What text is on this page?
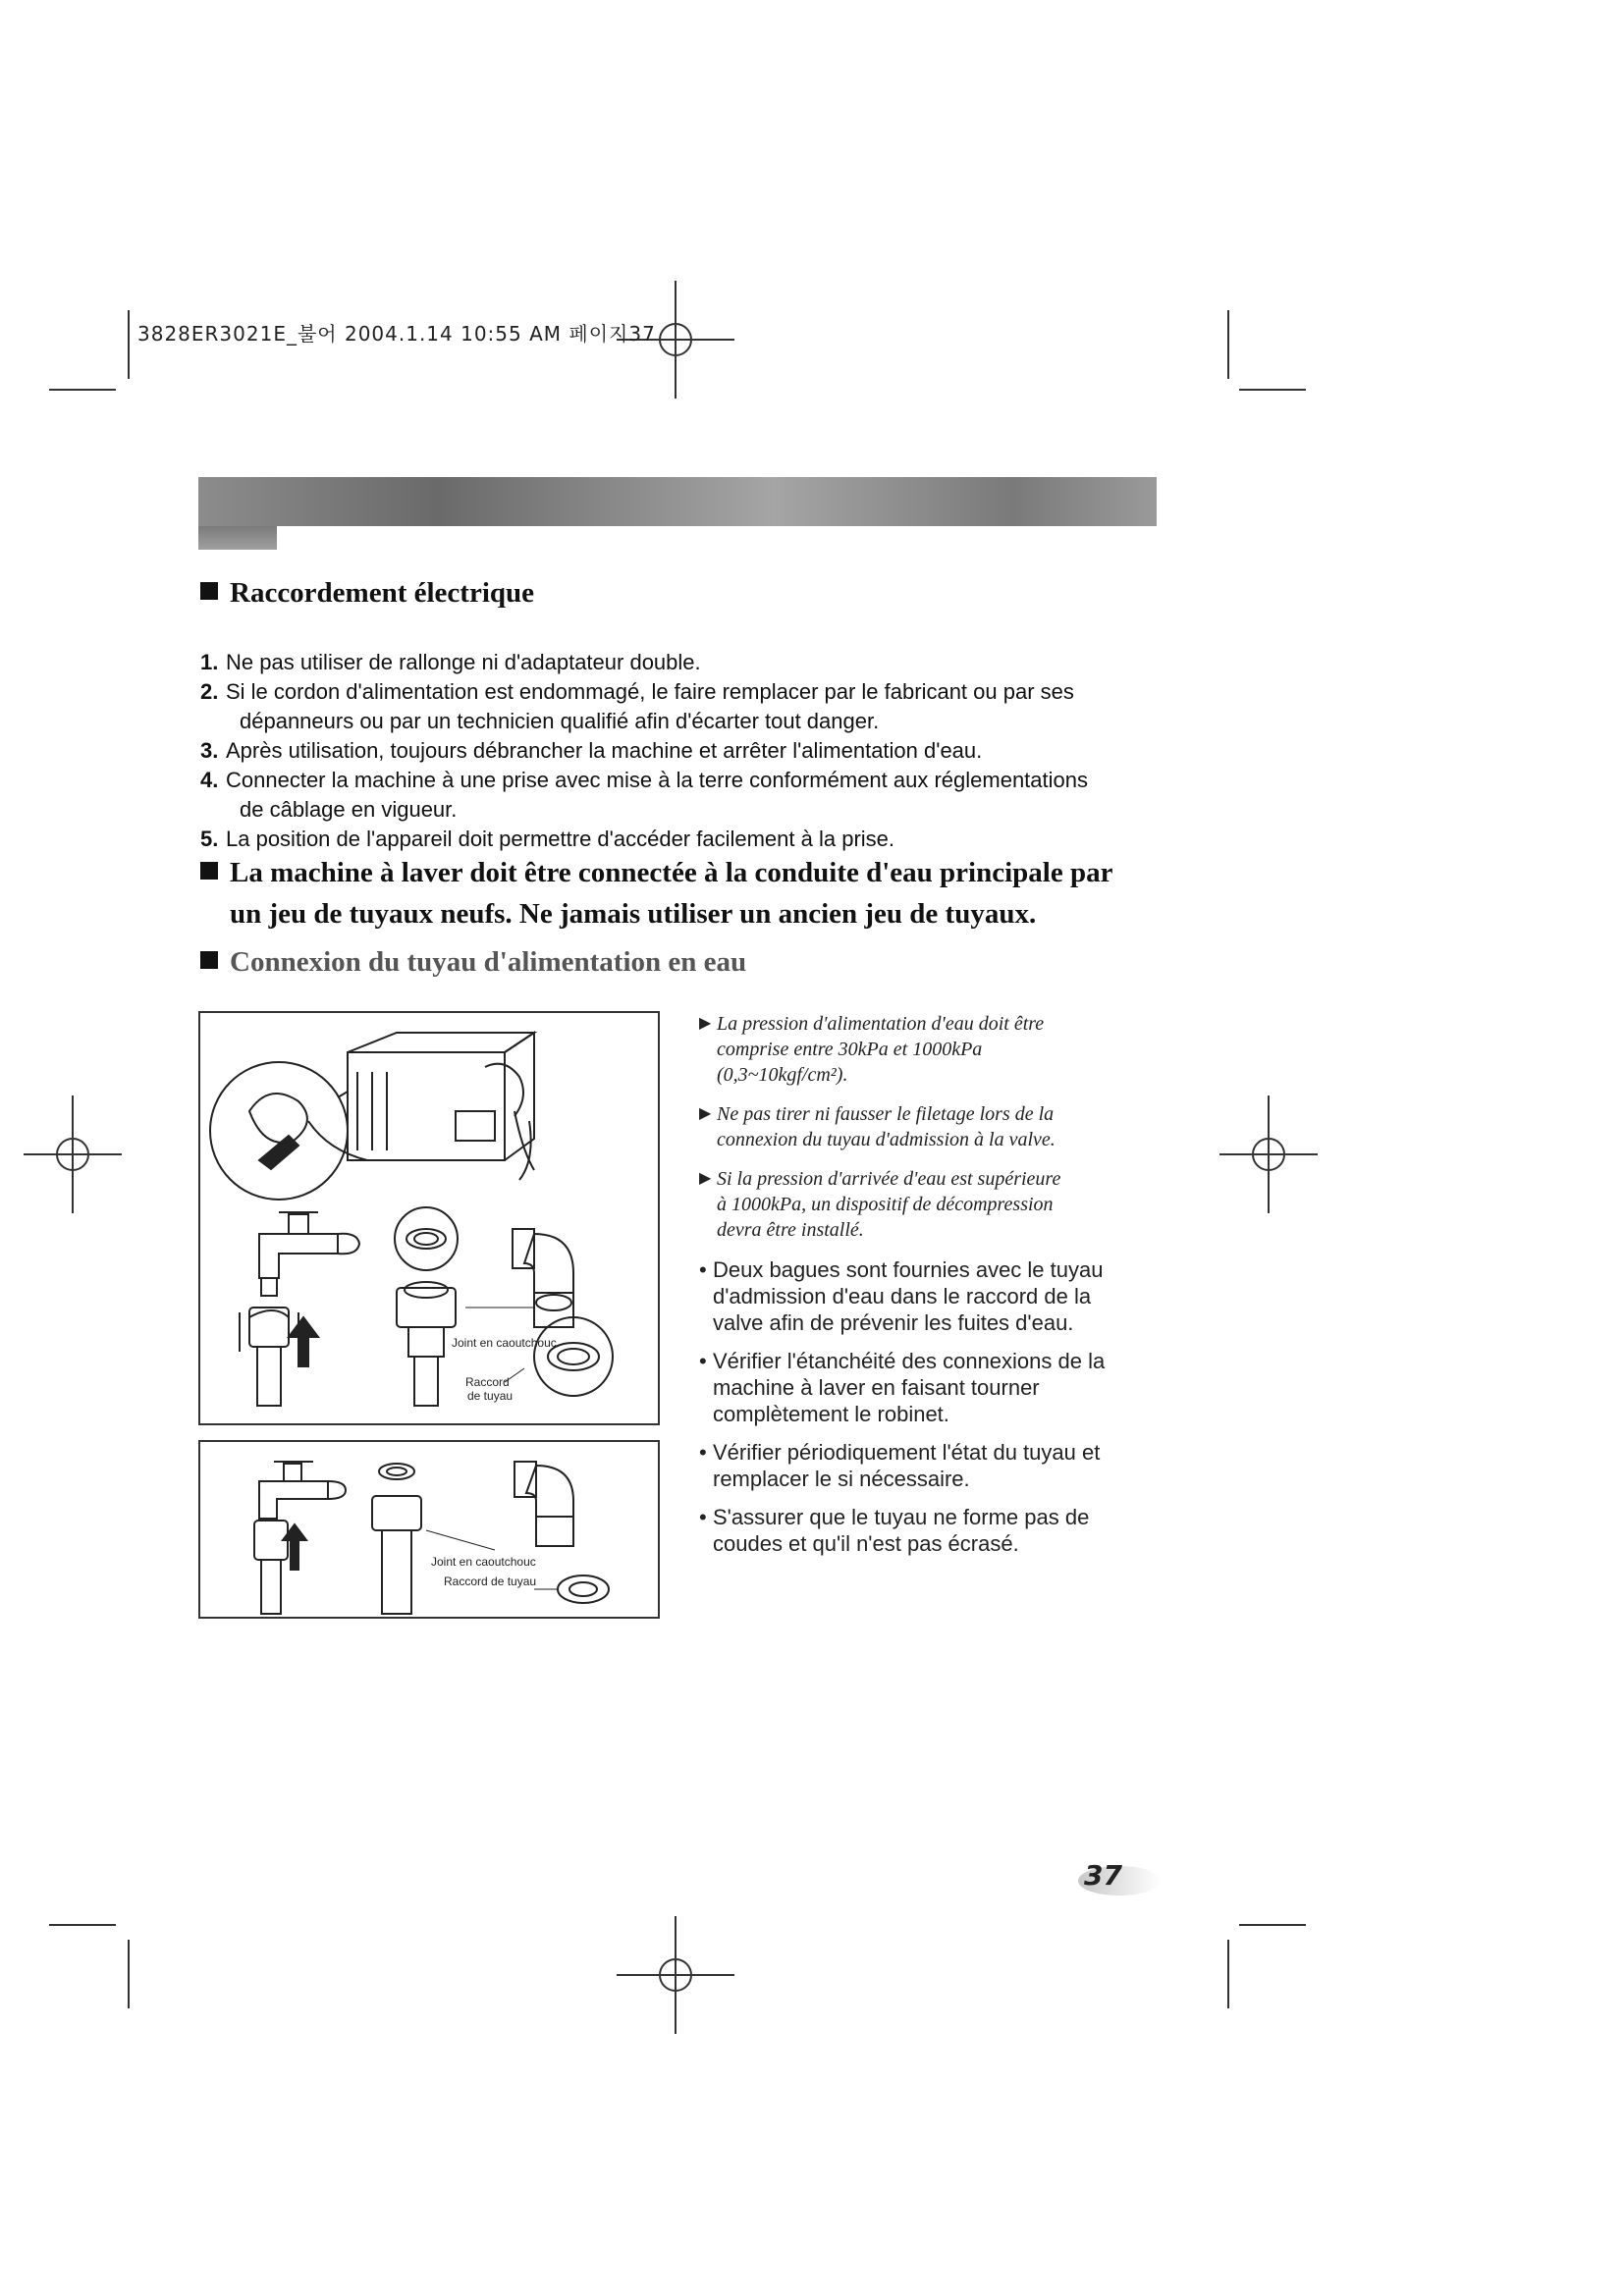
3828ER3021E_불어 2004.1.14 10:55 AM 페이지37
Raccordement électrique
1. Ne pas utiliser de rallonge ni d'adaptateur double.
2. Si le cordon d'alimentation est endommagé, le faire remplacer par le fabricant ou par ses
dépanneurs ou par un technicien qualifié afin d'écarter tout danger.
3. Après utilisation, toujours débrancher la machine et arrêter l'alimentation d'eau.
4. Connecter la machine à une prise avec mise à la terre conformément aux réglementations
de câblage en vigueur.
5. La position de l'appareil doit permettre d'accéder facilement à la prise.
La machine à laver doit être connectée à la conduite d'eau principale par
un jeu de tuyaux neufs. Ne jamais utiliser un ancien jeu de tuyaux.
Connexion du tuyau d'alimentation en eau
Joint en caoutchouc
Raccord
de tuyau
Joint en caoutchouc
Raccord de tuyau
▶ La pression d'alimentation d'eau doit être
comprise entre 30kPa et 1000kPa
(0,3~10kgf/cm²).
▶ Ne pas tirer ni fausser le filetage lors de la
connexion du tuyau d'admission à la valve.
▶ Si la pression d'arrivée d'eau est supérieure
à 1000kPa, un dispositif de décompression
devra être installé.
• Deux bagues sont fournies avec le tuyau
d'admission d'eau dans le raccord de la
valve afin de prévenir les fuites d'eau.
• Vérifier l'étanchéité des connexions de la
machine à laver en faisant tourner
complètement le robinet.
• Vérifier périodiquement l'état du tuyau et
remplacer le si nécessaire.
• S'assurer que le tuyau ne forme pas de
coudes et qu'il n'est pas écrasé.
37
